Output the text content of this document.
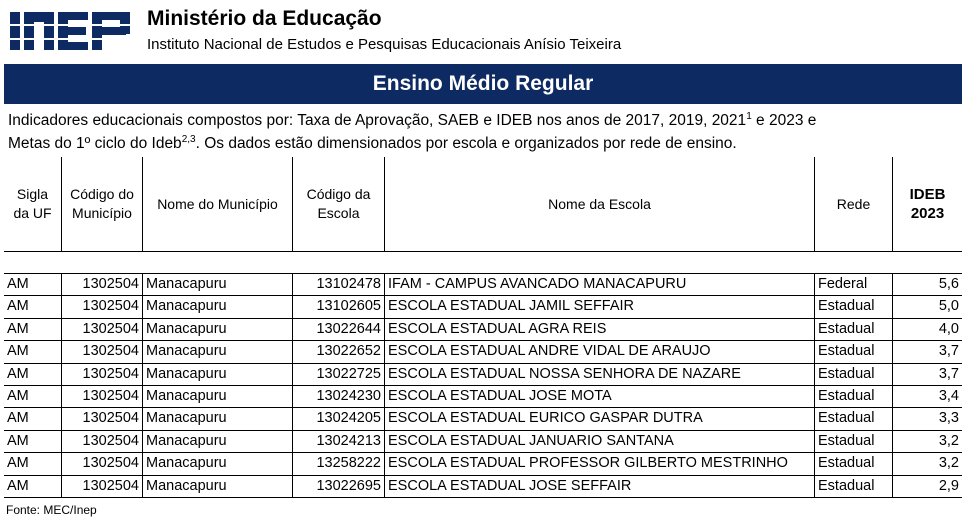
Ministério da Educação
Instituto Nacional de Estudos e Pesquisas Educacionais Anísio Teixeira
Ensino Médio Regular
Indicadores educacionais compostos por: Taxa de Aprovação, SAEB e IDEB nos anos de 2017, 2019, 2021$^1$ e 2023 e
Metas do 1º ciclo do Ideb$^{2,3}$. Os dados estão dimensionados por escola e organizados por rede de ensino.
Sigla
da UF
Código do
Município
Nome do Município
Código da
Escola
Nome da Escola	Rede
IDEB
2023
AM	1302504 Manacapuru	13102478 IFAM - CAMPUS AVANCADO MANACAPURU	Federal	5,6
AM	1302504 Manacapuru	13102605 ESCOLA ESTADUAL JAMIL SEFFAIR	Estadual	5,0
AM	1302504 Manacapuru	13022644 ESCOLA ESTADUAL AGRA REIS	Estadual	4,0
AM	1302504 Manacapuru	13022652 ESCOLA ESTADUAL ANDRE VIDAL DE ARAUJO	Estadual	3,7
AM	1302504 Manacapuru	13022725 ESCOLA ESTADUAL NOSSA SENHORA DE NAZARE	Estadual	3,7
AM	1302504 Manacapuru	13024230 ESCOLA ESTADUAL JOSE MOTA	Estadual	3,4
AM	1302504 Manacapuru	13024205 ESCOLA ESTADUAL EURICO GASPAR DUTRA	Estadual	3,3
AM	1302504 Manacapuru	13024213 ESCOLA ESTADUAL JANUARIO SANTANA	Estadual	3,2
AM	1302504 Manacapuru	13258222 ESCOLA ESTADUAL PROFESSOR GILBERTO MESTRINHO	Estadual	3,2
AM	1302504 Manacapuru	13022695 ESCOLA ESTADUAL JOSE SEFFAIR	Estadual	2,9
Fonte: MEC/Inep
